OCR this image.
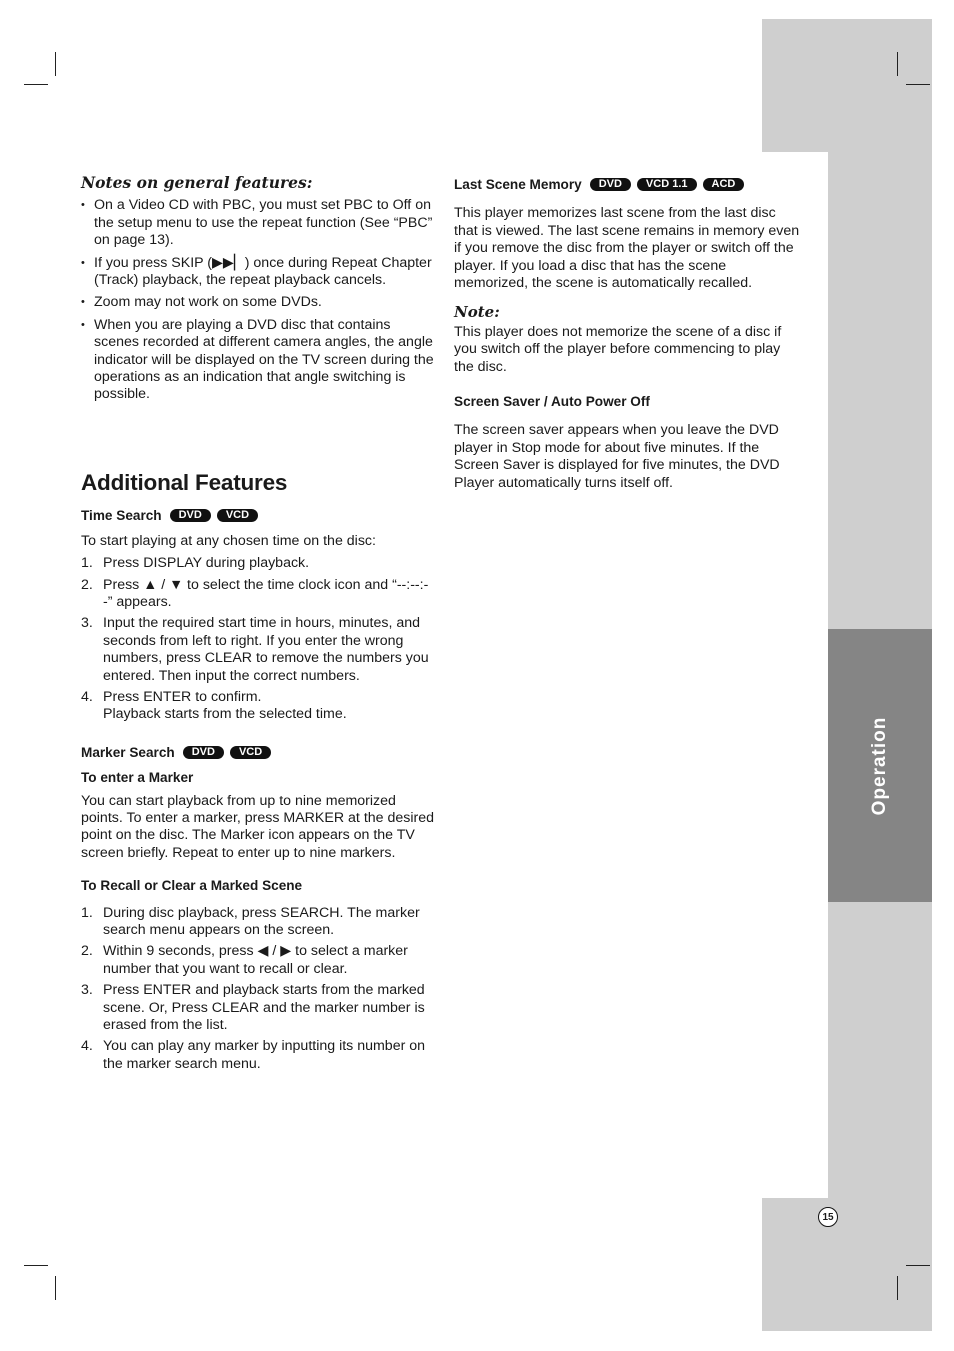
Operation
15
Notes on general features:
• On a Video CD with PBC, you must set PBC to Off on the setup menu to use the repeat function (See “PBC” on page 13).
• If you press SKIP (▶▶▏) once during Repeat Chapter (Track) playback, the repeat playback cancels.
• Zoom may not work on some DVDs.
• When you are playing a DVD disc that contains scenes recorded at different camera angles, the angle indicator will be displayed on the TV screen during the operations as an indication that angle switching is possible.
Additional Features
Time Search	DVD	VCD

To start playing at any chosen time on the disc:

1. Press DISPLAY during playback.
2. Press ▲ / ▼ to select the time clock icon and “--:--:--” appears.
3. Input the required start time in hours, minutes, and seconds from left to right. If you enter the wrong numbers, press CLEAR to remove the numbers you entered. Then input the correct numbers.
4. Press ENTER to confirm.
Playback starts from the selected time.
Marker Search	DVD	VCD
To enter a Marker

You can start playback from up to nine memorized points. To enter a marker, press MARKER at the desired point on the disc. The Marker icon appears on the TV screen briefly. Repeat to enter up to nine markers.

To Recall or Clear a Marked Scene
1. During disc playback, press SEARCH. The marker search menu appears on the screen.
2. Within 9 seconds, press ◀ / ▶ to select a marker number that you want to recall or clear.
3. Press ENTER and playback starts from the marked scene. Or, Press CLEAR and the marker number is erased from the list.
4. You can play any marker by inputting its number on the marker search menu.
Last Scene Memory	DVD	VCD 1.1	ACD

This player memorizes last scene from the last disc that is viewed. The last scene remains in memory even if you remove the disc from the player or switch off the player. If you load a disc that has the scene memorized, the scene is automatically recalled.

Note:

This player does not memorize the scene of a disc if you switch off the player before commencing to play the disc.

Screen Saver / Auto Power Off

The screen saver appears when you leave the DVD player in Stop mode for about five minutes. If the Screen Saver is displayed for five minutes, the DVD Player automatically turns itself off.
